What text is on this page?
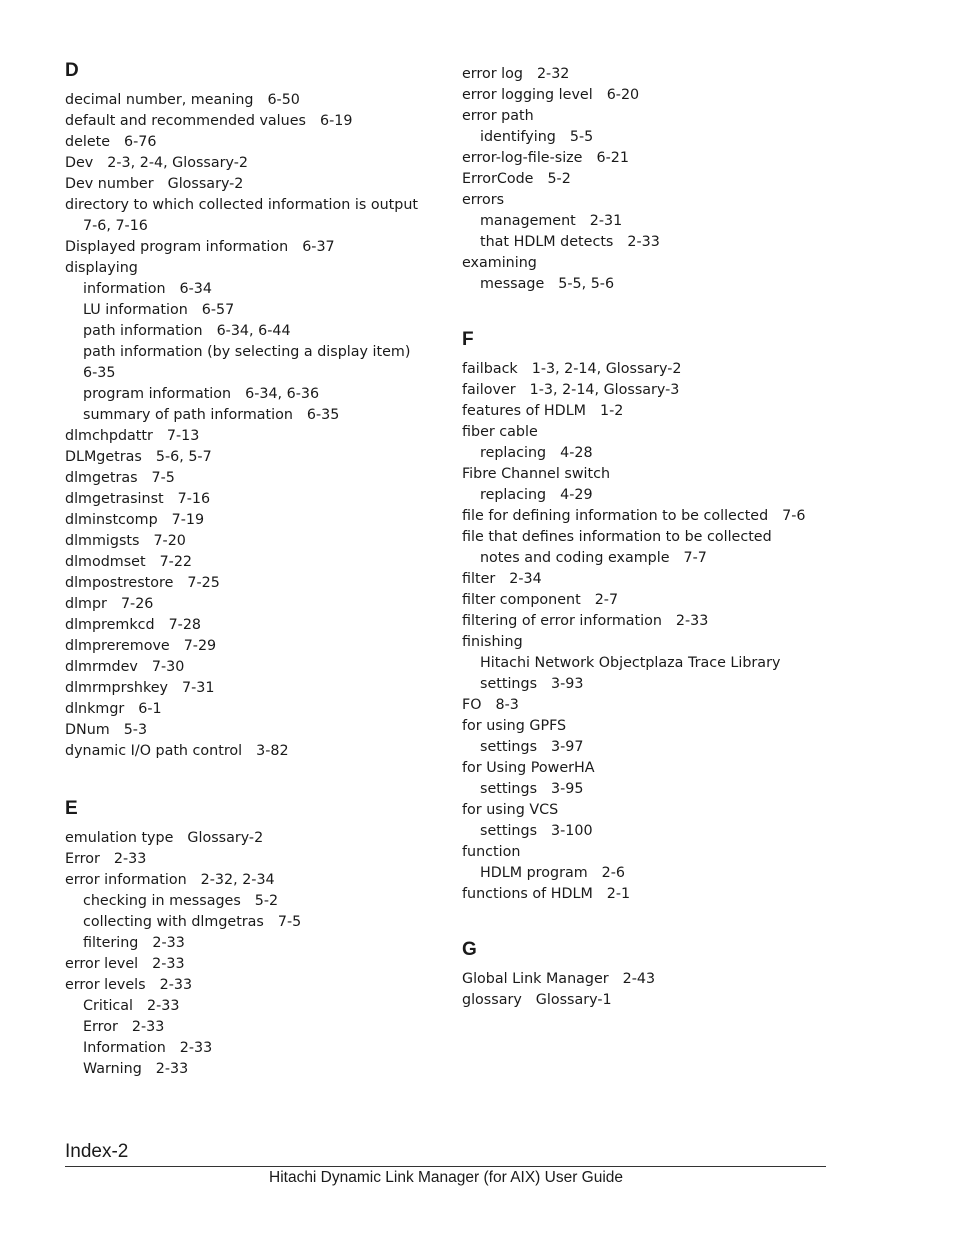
D
decimal number, meaning 6-50
default and recommended values 6-19
delete 6-76
Dev 2-3, 2-4, Glossary-2
Dev number Glossary-2
directory to which collected information is output
7-6, 7-16
Displayed program information 6-37
displaying
information 6-34
LU information 6-57
path information 6-34, 6-44
path information (by selecting a display item)
6-35
program information 6-34, 6-36
summary of path information 6-35
dlmchpdattr 7-13
DLMgetras 5-6, 5-7
dlmgetras 7-5
dlmgetrasinst 7-16
dlminstcomp 7-19
dlmmigsts 7-20
dlmodmset 7-22
dlmpostrestore 7-25
dlmpr 7-26
dlmpremkcd 7-28
dlmpreremove 7-29
dlmrmdev 7-30
dlmrmprshkey 7-31
dlnkmgr 6-1
DNum 5-3
dynamic I/O path control 3-82
E
emulation type Glossary-2
Error 2-33
error information 2-32, 2-34
checking in messages 5-2
collecting with dlmgetras 7-5
filtering 2-33
error level 2-33
error levels 2-33
Critical 2-33
Error 2-33
Information 2-33
Warning 2-33
error log 2-32
error logging level 6-20
error path
identifying 5-5
error-log-file-size 6-21
ErrorCode 5-2
errors
management 2-31
that HDLM detects 2-33
examining
message 5-5, 5-6
F
failback 1-3, 2-14, Glossary-2
failover 1-3, 2-14, Glossary-3
features of HDLM 1-2
fiber cable
replacing 4-28
Fibre Channel switch
replacing 4-29
file for defining information to be collected 7-6
file that defines information to be collected
notes and coding example 7-7
filter 2-34
filter component 2-7
filtering of error information 2-33
finishing
Hitachi Network Objectplaza Trace Library
settings 3-93
FO 8-3
for using GPFS
settings 3-97
for Using PowerHA
settings 3-95
for using VCS
settings 3-100
function
HDLM program 2-6
functions of HDLM 2-1
G
Global Link Manager 2-43
glossary Glossary-1
Index-2
Hitachi Dynamic Link Manager (for AIX) User Guide
